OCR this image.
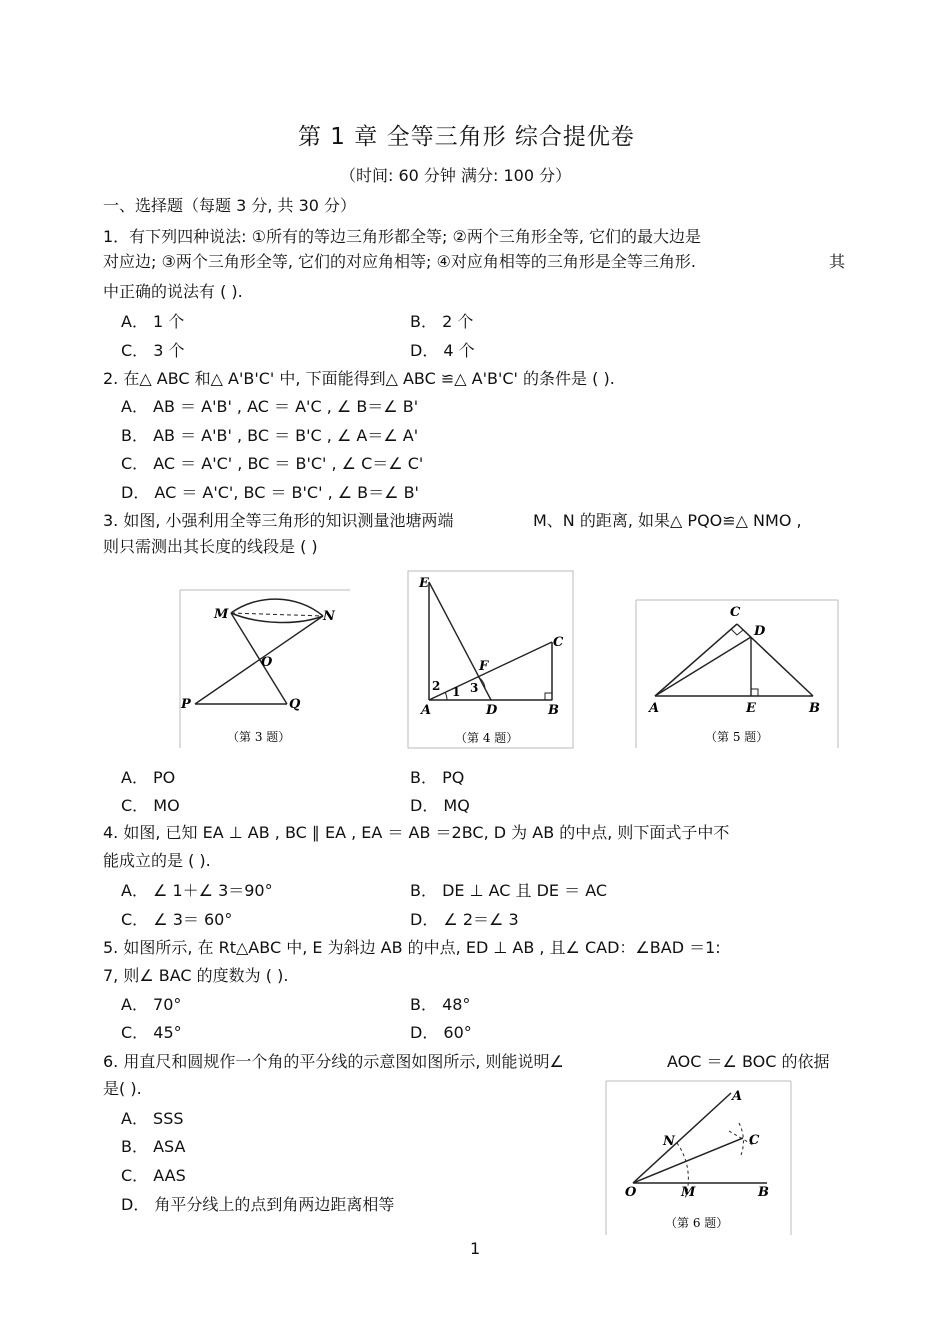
第 1 章 全等三角形 综合提优卷
（时间: 60 分钟 满分: 100 分）
一、选择题（每题 3 分, 共 30 分）
1．有下列四种说法: ①所有的等边三角形都全等; ②两个三角形全等, 它们的最大边是
对应边; ③两个三角形全等, 它们的对应角相等; ④对应角相等的三角形是全等三角形.	其
中正确的说法有 ( ).
A． 1 个	B． 2 个
C． 3 个	D． 4 个
2. 在△ ABC 和△ A'B'C' 中, 下面能得到△ ABC ≌△ A'B'C' 的条件是 ( ).
A． AB ＝ A'B' , AC ＝ A'C , ∠ B＝∠ B'
B． AB ＝ A'B' , BC ＝ B'C , ∠ A＝∠ A'
C． AC ＝ A'C' , BC ＝ B'C' , ∠ C＝∠ C'
D． AC ＝ A'C', BC ＝ B'C' , ∠ B＝∠ B'
3. 如图, 小强利用全等三角形的知识测量池塘两端	M、N 的距离, 如果△ PQO≌△ NMO ,
则只需测出其长度的线段是 ( )
M	N
O
P	Q
（第 3 题）
E
C
F
2 1 3
A	D	B
（第 4 题）
C
D
A	E	B
（第 5 题）
A． PO	B． PQ
C． MO	D． MQ
4. 如图, 已知 EA ⊥ AB , BC ∥ EA , EA ＝ AB ＝2BC, D 为 AB 的中点, 则下面式子中不
能成立的是 ( ).
A． ∠ 1＋∠ 3＝90°	B． DE ⊥ AC 且 DE ＝ AC
C． ∠ 3＝ 60°	D． ∠ 2＝∠ 3
5. 如图所示, 在 Rt△ABC 中, E 为斜边 AB 的中点, ED ⊥ AB , 且∠ CAD：∠BAD ＝1:
7, 则∠ BAC 的度数为 ( ).
A． 70°	B． 48°
C． 45°	D． 60°
6. 用直尺和圆规作一个角的平分线的示意图如图所示, 则能说明∠	AOC ＝∠ BOC 的依据
是( ).
A． SSS
B． ASA
C． AAS
D． 角平分线上的点到角两边距离相等
A
N	C
O	M	B
（第 6 题）
1
